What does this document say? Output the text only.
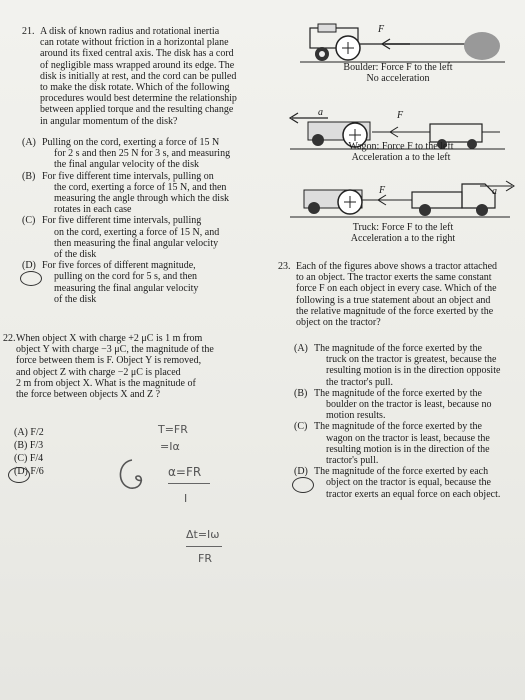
21. A disk of known radius and rotational inertia
can rotate without friction in a horizontal plane
around its fixed central axis. The disk has a cord
of negligible mass wrapped around its edge. The
disk is initially at rest, and the cord can be pulled
to make the disk rotate. Which of the following
procedures would best determine the relationship
between applied torque and the resulting change
in angular momentum of the disk?
(A) Pulling on the cord, exerting a force of 15 N
for 2 s and then 25 N for 3 s, and measuring
the final angular velocity of the disk
(B) For five different time intervals, pulling on
the cord, exerting a force of 15 N, and then
measuring the angle through which the disk
rotates in each case
(C) For five different time intervals, pulling
on the cord, exerting a force of 15 N, and
then measuring the final angular velocity
of the disk
(D) For five forces of different magnitude,
pulling on the cord for 5 s, and then
measuring the final angular velocity
of the disk
F
Boulder: Force F to the left
No acceleration
a	F
Wagon: Force F to the left
Acceleration a to the left
F	a
Truck: Force F to the left
Acceleration a to the right

22. When object X with charge +2 μC is 1 m from
object Y with charge −3 μC, the magnitude of the
force between them is F. Object Y is removed,
and object Z with charge −2 μC is placed
2 m from object X. What is the magnitude of
the force between objects X and Z ?
(A) F/2
(B) F/3
(C) F/4
(D) F/6

23. Each of the figures above shows a tractor attached
to an object. The tractor exerts the same constant
force F on each object in every case. Which of the
following is a true statement about an object and
the relative magnitude of the force exerted by the
object on the tractor?
(A) The magnitude of the force exerted by the
truck on the tractor is greatest, because the
resulting motion is in the direction opposite
the tractor's pull.
(B) The magnitude of the force exerted by the
boulder on the tractor is least, because no
motion results.
(C) The magnitude of the force exerted by the
wagon on the tractor is least, because the
resulting motion is in the direction of the
tractor's pull.
(D) The magnitude of the force exerted by each
object on the tractor is equal, because the
tractor exerts an equal force on each object.
T=FR
=Iα
α=FR
I
Δt=Iω
FR
